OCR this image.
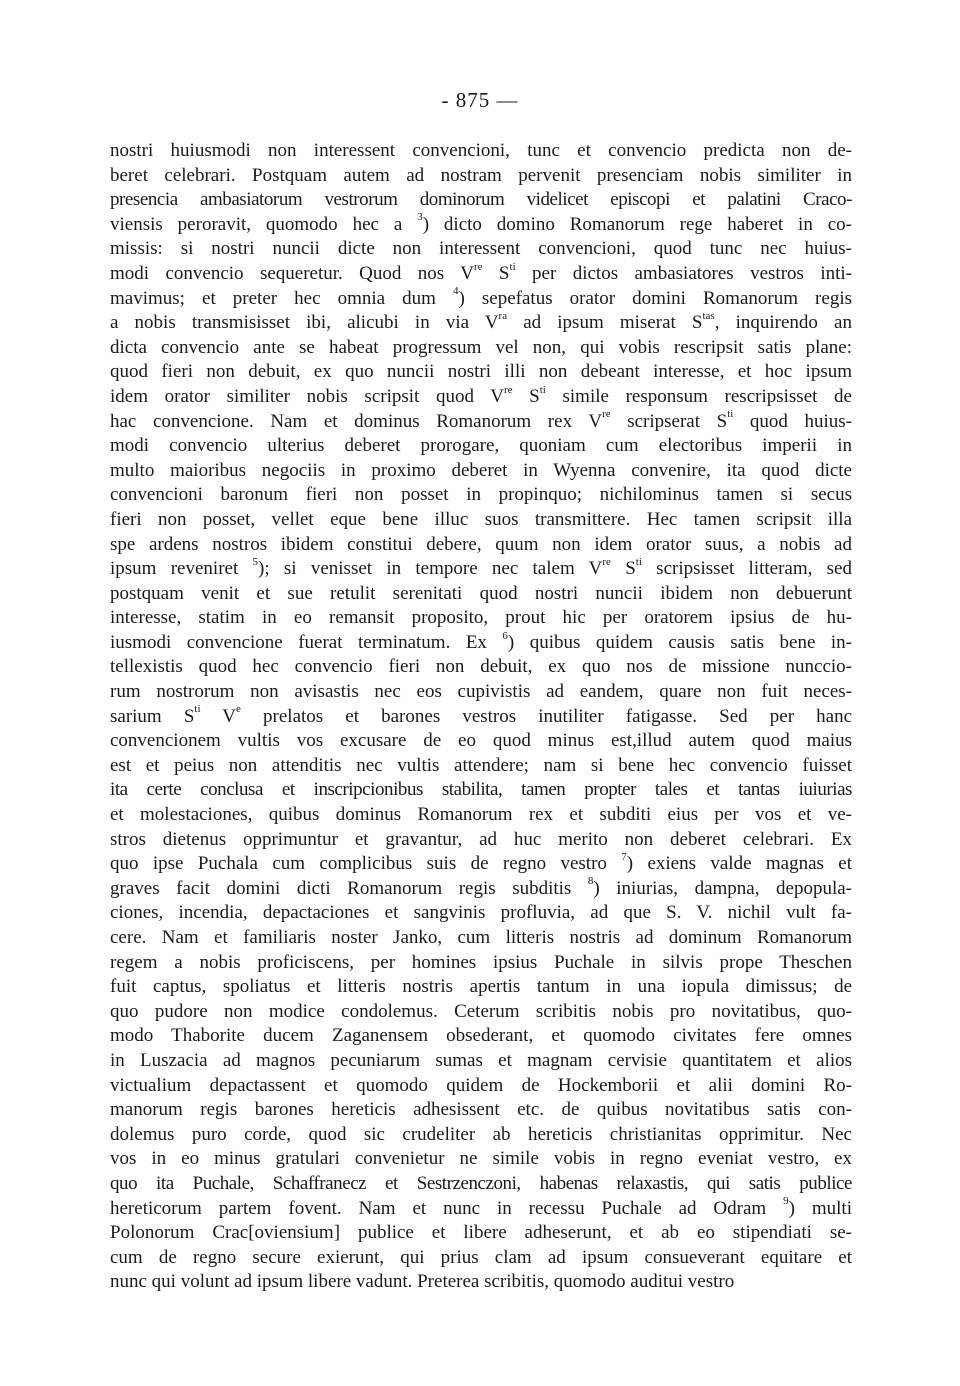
- 875 —
nostri huiusmodi non interessent convencioni, tunc et convencio predicta non de-
beret celebrari. Postquam autem ad nostram pervenit presenciam nobis similiter in
presencia ambasiatorum vestrorum dominorum videlicet episcopi et palatini Craco-
viensis peroravit, quomodo hec a $^3$) dicto domino Romanorum rege haberet in co-
missis: si nostri nuncii dicte non interessent convencioni, quod tunc nec huius-
modi convencio sequeretur. Quod nos Vre $S^{ti}$ per dictos ambasiatores vestros inti-
mavimus; et preter hec omnia dum $^4$) sepefatus orator domini Romanorum regis
a nobis transmisisset ibi, alicubi in via $V^{ra}$ ad ipsum miserat $S^{tas}$, inquirendo an
dicta convencio ante se habeat progressum vel non, qui vobis rescripsit satis plane:
quod fieri non debuit, ex quo nuncii nostri illi non debeant interesse, et hoc ipsum
idem orator similiter nobis scripsit quod Vre $S^{ti}$ simile responsum rescripsisset de
hac convencione. Nam et dominus Romanorum rex Vre scripserat $S^{ti}$ quod huius-
modi convencio ulterius deberet prorogare, quoniam cum electoribus imperii in
multo maioribus negociis in proximo deberet in Wyenna convenire, ita quod dicte
convencioni baronum fieri non posset in propinquo; nichilominus tamen si secus
fieri non posset, vellet eque bene illuc suos transmittere. Hec tamen scripsit illa
spe ardens nostros ibidem constitui debere, quum non idem orator suus, a nobis ad
ipsum reveniret $^5$); si venisset in tempore nec talem Vre $S^{ti}$ scripsisset litteram, sed
postquam venit et sue retulit serenitati quod nostri nuncii ibidem non debuerunt
interesse, statim in eo remansit proposito, prout hic per oratorem ipsius de hu-
iusmodi convencione fuerat terminatum. Ex $^6$) quibus quidem causis satis bene in-
tellexistis quod hec convencio fieri non debuit, ex quo nos de missione nunccio-
rum nostrorum non avisastis nec eos cupivistis ad eandem, quare non fuit neces-
sarium $S^{ti}$ Ve prelatos et barones vestros inutiliter fatigasse. Sed per hanc
convencionem vultis vos excusare de eo quod minus est,illud autem quod maius
est et peius non attenditis nec vultis attendere; nam si bene hec convencio fuisset
ita certe conclusa et inscripcionibus stabilita, tamen propter tales et tantas iuiurias
et molestaciones, quibus dominus Romanorum rex et subditi eius per vos et ve-
stros dietenus opprimuntur et gravantur, ad huc merito non deberet celebrari. Ex
quo ipse Puchala cum complicibus suis de regno vestro $^7$) exiens valde magnas et
graves facit domini dicti Romanorum regis subditis $^8$) iniurias, dampna, depopula-
ciones, incendia, depactaciones et sangvinis profluvia, ad que S. V. nichil vult fa-
cere. Nam et familiaris noster Janko, cum litteris nostris ad dominum Romanorum
regem a nobis proficiscens, per homines ipsius Puchale in silvis prope Theschen
fuit captus, spoliatus et litteris nostris apertis tantum in una iopula dimissus; de
quo pudore non modice condolemus. Ceterum scribitis nobis pro novitatibus, quo-
modo Thaborite ducem Zaganensem obsederant, et quomodo civitates fere omnes
in Luszacia ad magnos pecuniarum sumas et magnam cervisie quantitatem et alios
victualium depactassent et quomodo quidem de Hockemborii et alii domini Ro-
manorum regis barones hereticis adhesissent etc. de quibus novitatibus satis con-
dolemus puro corde, quod sic crudeliter ab hereticis christianitas opprimitur. Nec
vos in eo minus gratulari convenietur ne simile vobis in regno eveniat vestro, ex
quo ita Puchale, Schaffranecz et Sestrzenczoni, habenas relaxastis, qui satis publice
hereticorum partem fovent. Nam et nunc in recessu Puchale ad Odram $^9$) multi
Polonorum Crac[oviensium] publice et libere adheserunt, et ab eo stipendiati se-
cum de regno secure exierunt, qui prius clam ad ipsum consueverant equitare et
nunc qui volunt ad ipsum libere vadunt. Preterea scribitis, quomodo auditui vestro
